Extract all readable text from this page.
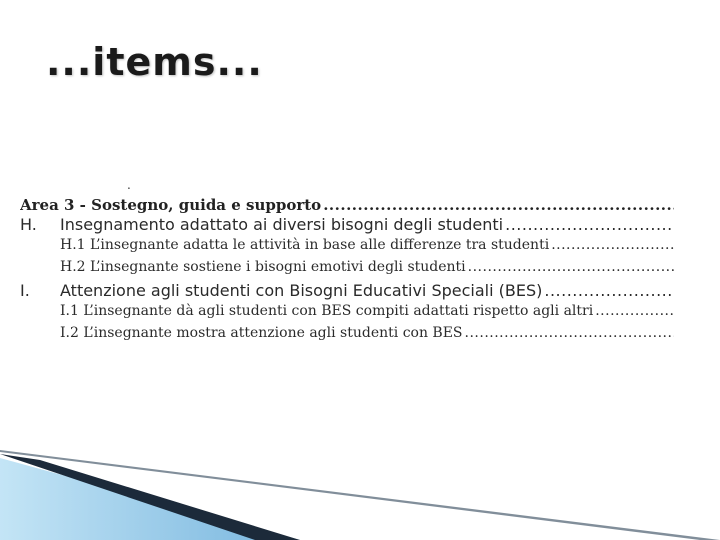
...items...
.
Area 3 - Sostegno, guida e supporto
.....
H.	Insegnamento adattato ai diversi bisogni degli studenti
.....
H.1 L’insegnante adatta le attività in base alle differenze tra studenti
.....
H.2 L’insegnante sostiene i bisogni emotivi degli studenti
.....
I.	Attenzione agli studenti con Bisogni Educativi Speciali (BES)
.....
I.1 L’insegnante dà agli studenti con BES compiti adattati rispetto agli altri
.....
I.2 L’insegnante mostra attenzione agli studenti con BES
.....
